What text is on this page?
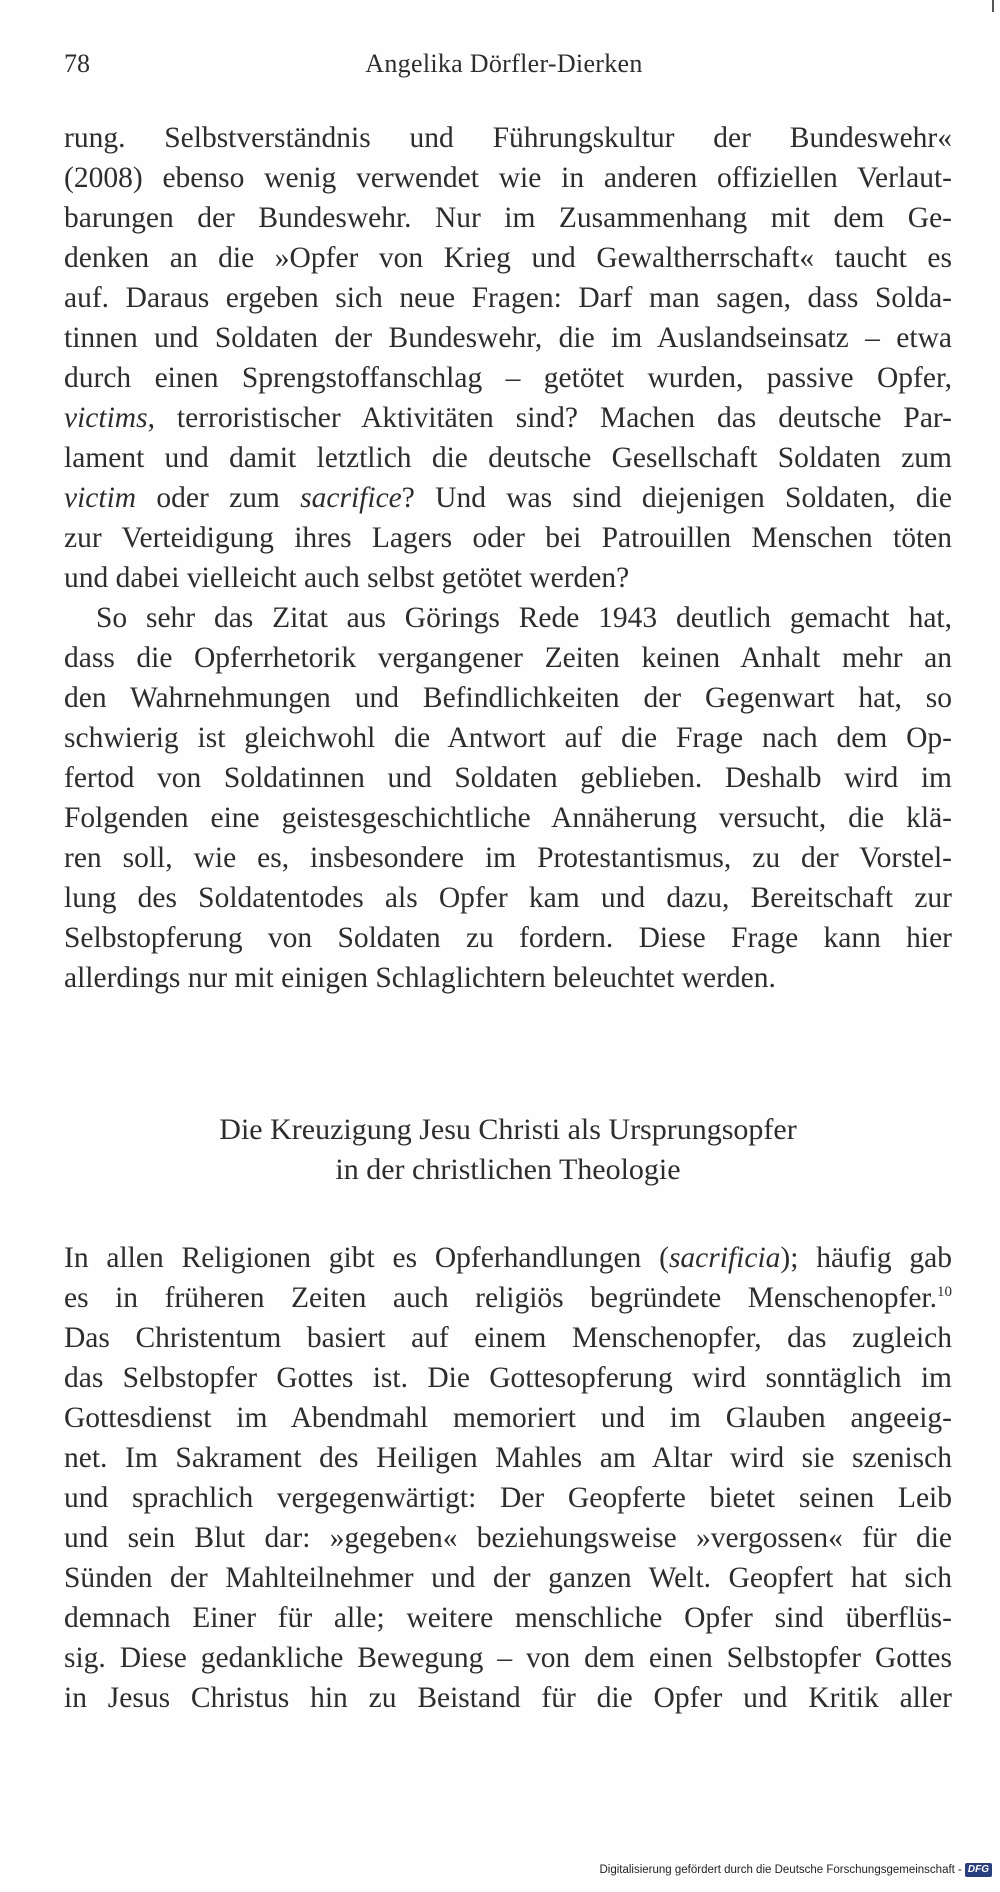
78	Angelika Dörfler-Dierken
rung. Selbstverständnis und Führungskultur der Bundeswehr«
(2008) ebenso wenig verwendet wie in anderen offiziellen Verlaut-
barungen der Bundeswehr. Nur im Zusammenhang mit dem Ge-
denken an die »Opfer von Krieg und Gewaltherrschaft« taucht es
auf. Daraus ergeben sich neue Fragen: Darf man sagen, dass Solda-
tinnen und Soldaten der Bundeswehr, die im Auslandseinsatz – etwa
durch einen Sprengstoffanschlag – getötet wurden, passive Opfer,
victims, terroristischer Aktivitäten sind? Machen das deutsche Par-
lament und damit letztlich die deutsche Gesellschaft Soldaten zum
victim oder zum sacrifice? Und was sind diejenigen Soldaten, die
zur Verteidigung ihres Lagers oder bei Patrouillen Menschen töten
und dabei vielleicht auch selbst getötet werden?
So sehr das Zitat aus Görings Rede 1943 deutlich gemacht hat,
dass die Opferrhetorik vergangener Zeiten keinen Anhalt mehr an
den Wahrnehmungen und Befindlichkeiten der Gegenwart hat, so
schwierig ist gleichwohl die Antwort auf die Frage nach dem Op-
fertod von Soldatinnen und Soldaten geblieben. Deshalb wird im
Folgenden eine geistesgeschichtliche Annäherung versucht, die klä-
ren soll, wie es, insbesondere im Protestantismus, zu der Vorstel-
lung des Soldatentodes als Opfer kam und dazu, Bereitschaft zur
Selbstopferung von Soldaten zu fordern. Diese Frage kann hier
allerdings nur mit einigen Schlaglichtern beleuchtet werden.
Die Kreuzigung Jesu Christi als Ursprungsopfer
in der christlichen Theologie
In allen Religionen gibt es Opferhandlungen (sacrificia); häufig gab
es in früheren Zeiten auch religiös begründete Menschenopfer.$^{10}$
Das Christentum basiert auf einem Menschenopfer, das zugleich
das Selbstopfer Gottes ist. Die Gottesopferung wird sonntäglich im
Gottesdienst im Abendmahl memoriert und im Glauben angeeig-
net. Im Sakrament des Heiligen Mahles am Altar wird sie szenisch
und sprachlich vergegenwärtigt: Der Geopferte bietet seinen Leib
und sein Blut dar: »gegeben« beziehungsweise »vergossen« für die
Sünden der Mahlteilnehmer und der ganzen Welt. Geopfert hat sich
demnach Einer für alle; weitere menschliche Opfer sind überflüs-
sig. Diese gedankliche Bewegung – von dem einen Selbstopfer Gottes
in Jesus Christus hin zu Beistand für die Opfer und Kritik aller
Digitalisierung gefördert durch die Deutsche Forschungsgemeinschaft - DFG
